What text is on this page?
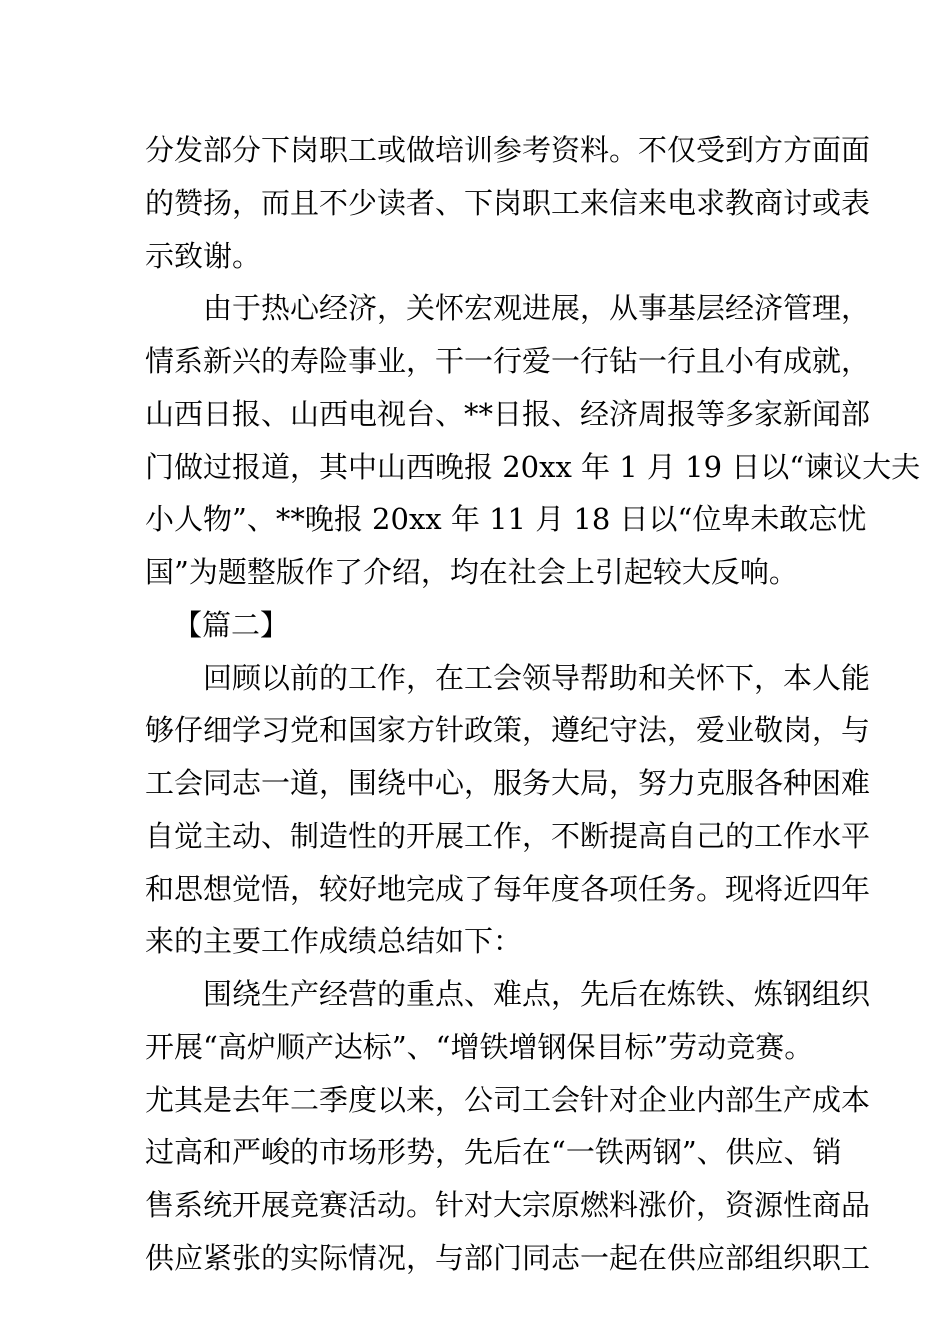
分发部分下岗职工或做培训参考资料。不仅受到方方面面
的赞扬，而且不少读者、下岗职工来信来电求教商讨或表
示致谢。
由于热心经济，关怀宏观进展，从事基层经济管理，
情系新兴的寿险事业，干一行爱一行钻一行且小有成就，
山西日报、山西电视台、**日报、经济周报等多家新闻部
门做过报道，其中山西晚报 20xx 年 1 月 19 日以“谏议大夫
小人物”、**晚报 20xx 年 11 月 18 日以“位卑未敢忘忧
国”为题整版作了介绍，均在社会上引起较大反响。
【篇二】
回顾以前的工作，在工会领导帮助和关怀下，本人能
够仔细学习党和国家方针政策，遵纪守法，爱业敬岗，与
工会同志一道，围绕中心，服务大局，努力克服各种困难
自觉主动、制造性的开展工作，不断提高自己的工作水平
和思想觉悟，较好地完成了每年度各项任务。现将近四年
来的主要工作成绩总结如下：
围绕生产经营的重点、难点，先后在炼铁、炼钢组织
开展“高炉顺产达标”、“增铁增钢保目标”劳动竞赛。
尤其是去年二季度以来，公司工会针对企业内部生产成本
过高和严峻的市场形势，先后在“一铁两钢”、供应、销
售系统开展竞赛活动。针对大宗原燃料涨价，资源性商品
供应紧张的实际情况，与部门同志一起在供应部组织职工
